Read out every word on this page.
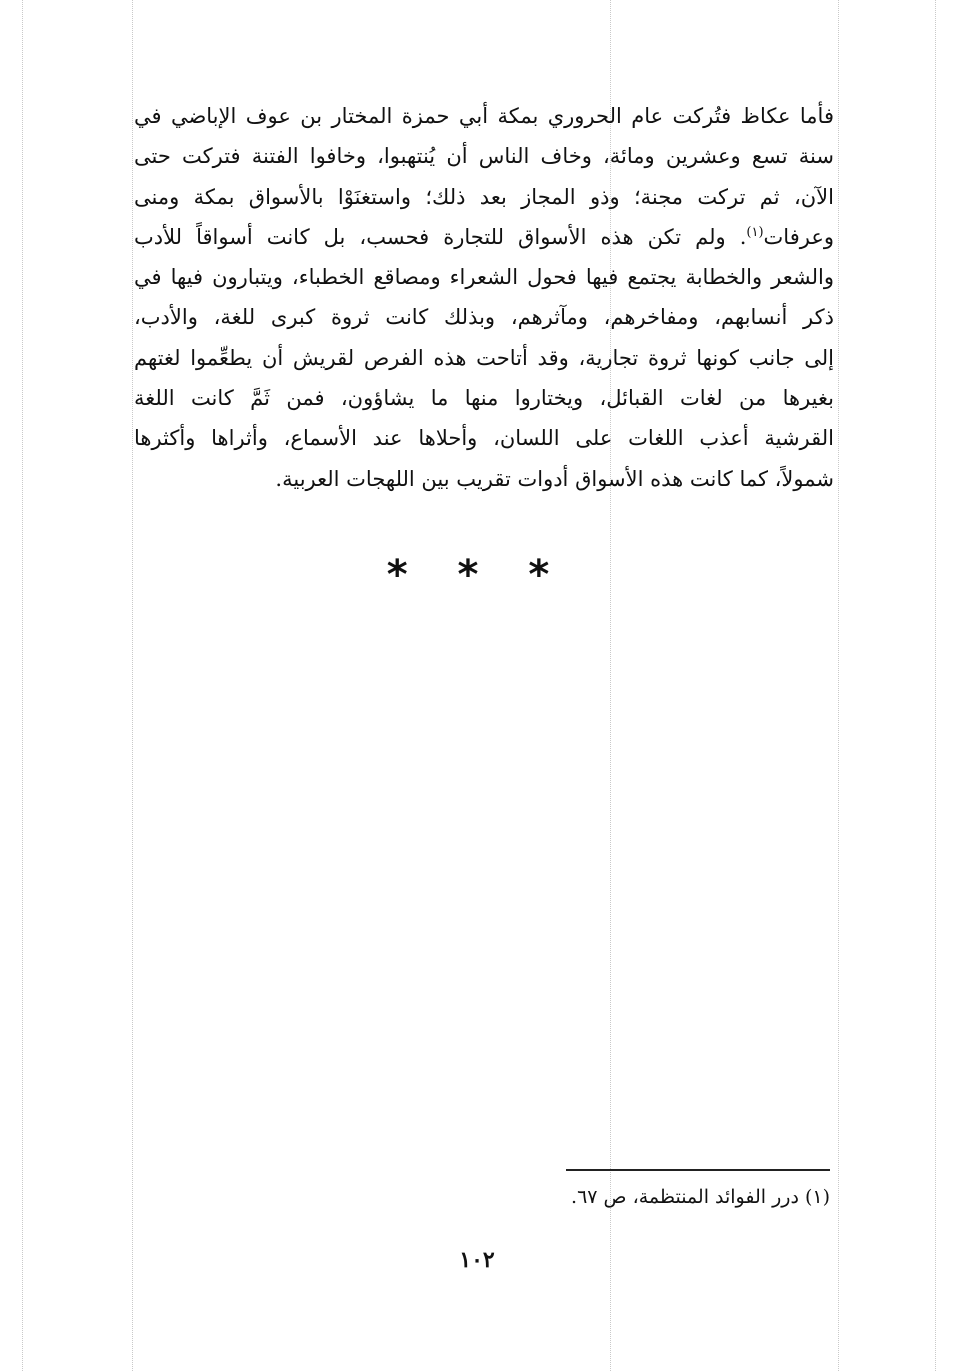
فأما عكاظ فتُركت عام الحروري بمكة أبي حمزة المختار بن عوف الإباضي في
سنة تسع وعشرين ومائة، وخاف الناس أن يُنتهبوا، وخافوا الفتنة فتركت حتى
الآن، ثم تركت مجنة؛ وذو المجاز بعد ذلك؛ واستغنَوْا بالأسواق بمكة ومنى
وعرفات$^{(١)}$. ولم تكن هذه الأسواق للتجارة فحسب، بل كانت أسواقاً للأدب
والشعر والخطابة يجتمع فيها فحول الشعراء ومصاقع الخطباء، ويتبارون فيها في
ذكر أنسابهم، ومفاخرهم، ومآثرهم، وبذلك كانت ثروة كبرى للغة، والأدب،
إلى جانب كونها ثروة تجارية، وقد أتاحت هذه الفرص لقريش أن يطعِّموا لغتهم
بغيرها من لغات القبائل، ويختاروا منها ما يشاؤون، فمن ثَمَّ كانت اللغة
القرشية أعذب اللغات على اللسان، وأحلاها عند الأسماع، وأثراها وأكثرها
شمولاً، كما كانت هذه الأسواق أدوات تقريب بين اللهجات العربية.
* * *

(١) درر الفوائد المنتظمة، ص ٦٧.

١٠٢
